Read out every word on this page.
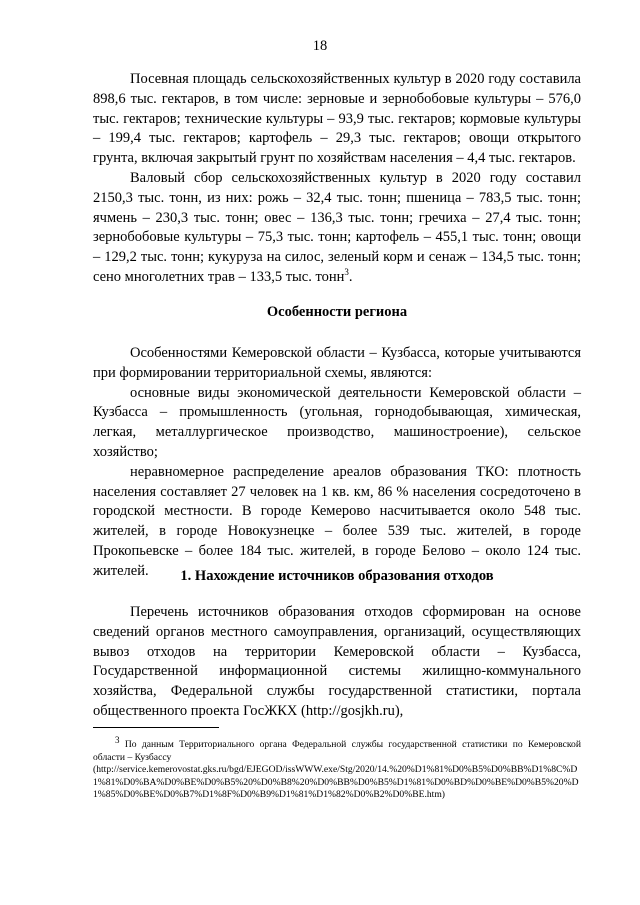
18

Посевная площадь сельскохозяйственных культур в 2020 году составила 898,6 тыс. гектаров, в том числе: зерновые и зернобобовые культуры – 576,0 тыс. гектаров; технические культуры – 93,9 тыс. гектаров; кормовые культуры – 199,4 тыс. гектаров; картофель – 29,3 тыс. гектаров; овощи открытого грунта, включая закрытый грунт по хозяйствам населения – 4,4 тыс. гектаров.

Валовый сбор сельскохозяйственных культур в 2020 году составил 2150,3 тыс. тонн, из них: рожь – 32,4 тыс. тонн; пшеница – 783,5 тыс. тонн; ячмень – 230,3 тыс. тонн; овес – 136,3 тыс. тонн; гречиха – 27,4 тыс. тонн; зернобобовые культуры – 75,3 тыс. тонн; картофель – 455,1 тыс. тонн; овощи – 129,2 тыс. тонн; кукуруза на силос, зеленый корм и сенаж – 134,5 тыс. тонн; сено многолетних трав – 133,5 тыс. тонн$^3$.

Особенности региона

Особенностями Кемеровской области – Кузбасса, которые учитываются при формировании территориальной схемы, являются:

основные виды экономической деятельности Кемеровской области – Кузбасса – промышленность (угольная, горнодобывающая, химическая, легкая, металлургическое производство, машиностроение), сельское хозяйство;

неравномерное распределение ареалов образования ТКО: плотность населения составляет 27 человек на 1 кв. км, 86 % населения сосредоточено в городской местности. В городе Кемерово насчитывается около 548 тыс. жителей, в городе Новокузнецке – более 539 тыс. жителей, в городе Прокопьевске – более 184 тыс. жителей, в городе Белово – около 124 тыс. жителей.	1. Нахождение источников образования отходов

Перечень источников образования отходов сформирован на основе сведений органов местного самоуправления, организаций, осуществляющих вывоз отходов на территории Кемеровской области – Кузбасса, Государственной информационной системы жилищно-коммунального хозяйства, Федеральной службы государственной статистики, портала общественного проекта ГосЖКХ (http://gosjkh.ru),

$^3$ По данным Территориального органа Федеральной службы государственной статистики по Кемеровской области – Кузбассу
(http://service.kemerovostat.gks.ru/bgd/EJEGOD/issWWW.exe/Stg/2020/14.%20%D1%81%D0%B5%D0%BB%D1%8C%D1%81%D0%BA%D0%BE%D0%B5%20%D0%B8%20%D0%BB%D0%B5%D1%81%D0%BD%D0%BE%D0%B5%20%D1%85%D0%BE%D0%B7%D1%8F%D0%B9%D1%81%D1%82%D0%B2%D0%BE.htm)
